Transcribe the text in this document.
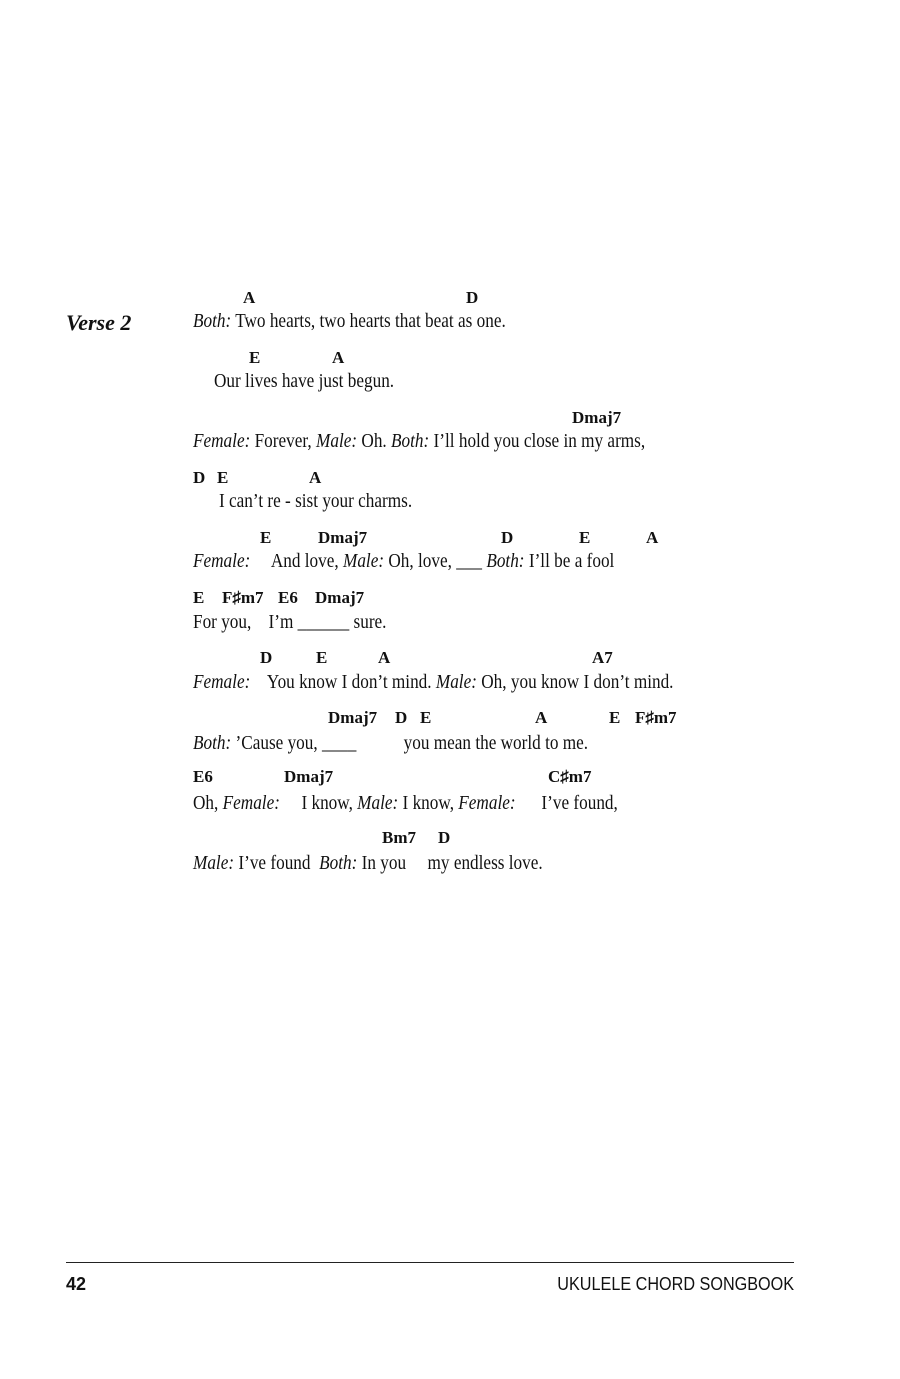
Verse 2
A	D
Both: Two hearts, two hearts that beat as one.
E	A
Our lives have just begun.
Dmaj7
Female: Forever, Male: Oh. Both: I’ll hold you close in my arms,
D E	A
I can’t re - sist your charms.
E	Dmaj7	D	E	A
Female:     And love, Male: Oh, love, ___ Both: I’ll be a fool
E F♯m7 E6 Dmaj7
For you,    I’m ______ sure.
D	E	A	A7
Female:    You know I don’t mind. Male: Oh, you know I don’t mind.
Dmaj7 D E	A	E F♯m7
Both: ’Cause you, ____           you mean the world to me.
E6	Dmaj7	C♯m7
Oh, Female:     I know, Male: I know, Female:      I’ve found,
Bm7 D
Male: I’ve found  Both: In you     my endless love.
42	UKULELE CHORD SONGBOOK
